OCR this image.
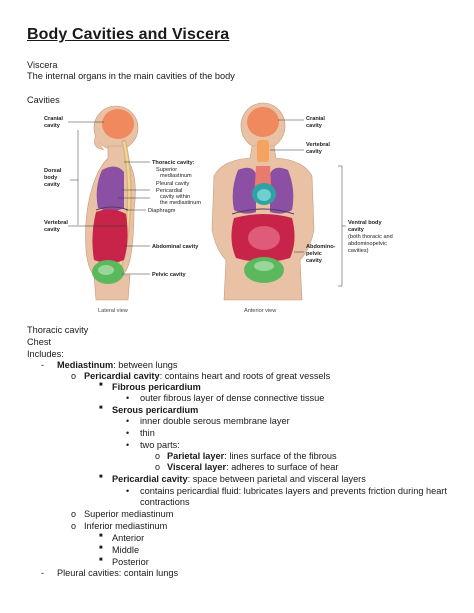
Body Cavities and Viscera
Viscera
The internal organs in the main cavities of the body
Cavities
Cranial
cavity
Dorsal
body
cavity
Vertebral
cavity
Thoracic cavity:
Superior
mediastinum
Pleural cavity
Pericardial
cavity within
the mediastinum
Diaphragm
Abdominal cavity
Pelvic cavity
Lateral view
Cranial
cavity
Vertebral
cavity
Abdomino-
pelvic
cavity
Ventral body
cavity
(both thoracic and
abdominopelvic
cavities)
Anterior view
Thoracic cavity
Chest
Includes:
- Mediastinum: between lungs
o Pericardial cavity: contains heart and roots of great vessels
■ Fibrous pericardium
• outer fibrous layer of dense connective tissue
■ Serous pericardium
• inner double serous membrane layer
• thin
• two parts:
o Parietal layer: lines surface of the fibrous
o Visceral layer: adheres to surface of hear
■ Pericardial cavity: space between parietal and visceral layers
• contains pericardial fluid: lubricates layers and prevents friction during heart
contractions
o Superior mediastinum
o Inferior mediastinum
■ Anterior
■ Middle
■ Posterior
- Pleural cavities: contain lungs
